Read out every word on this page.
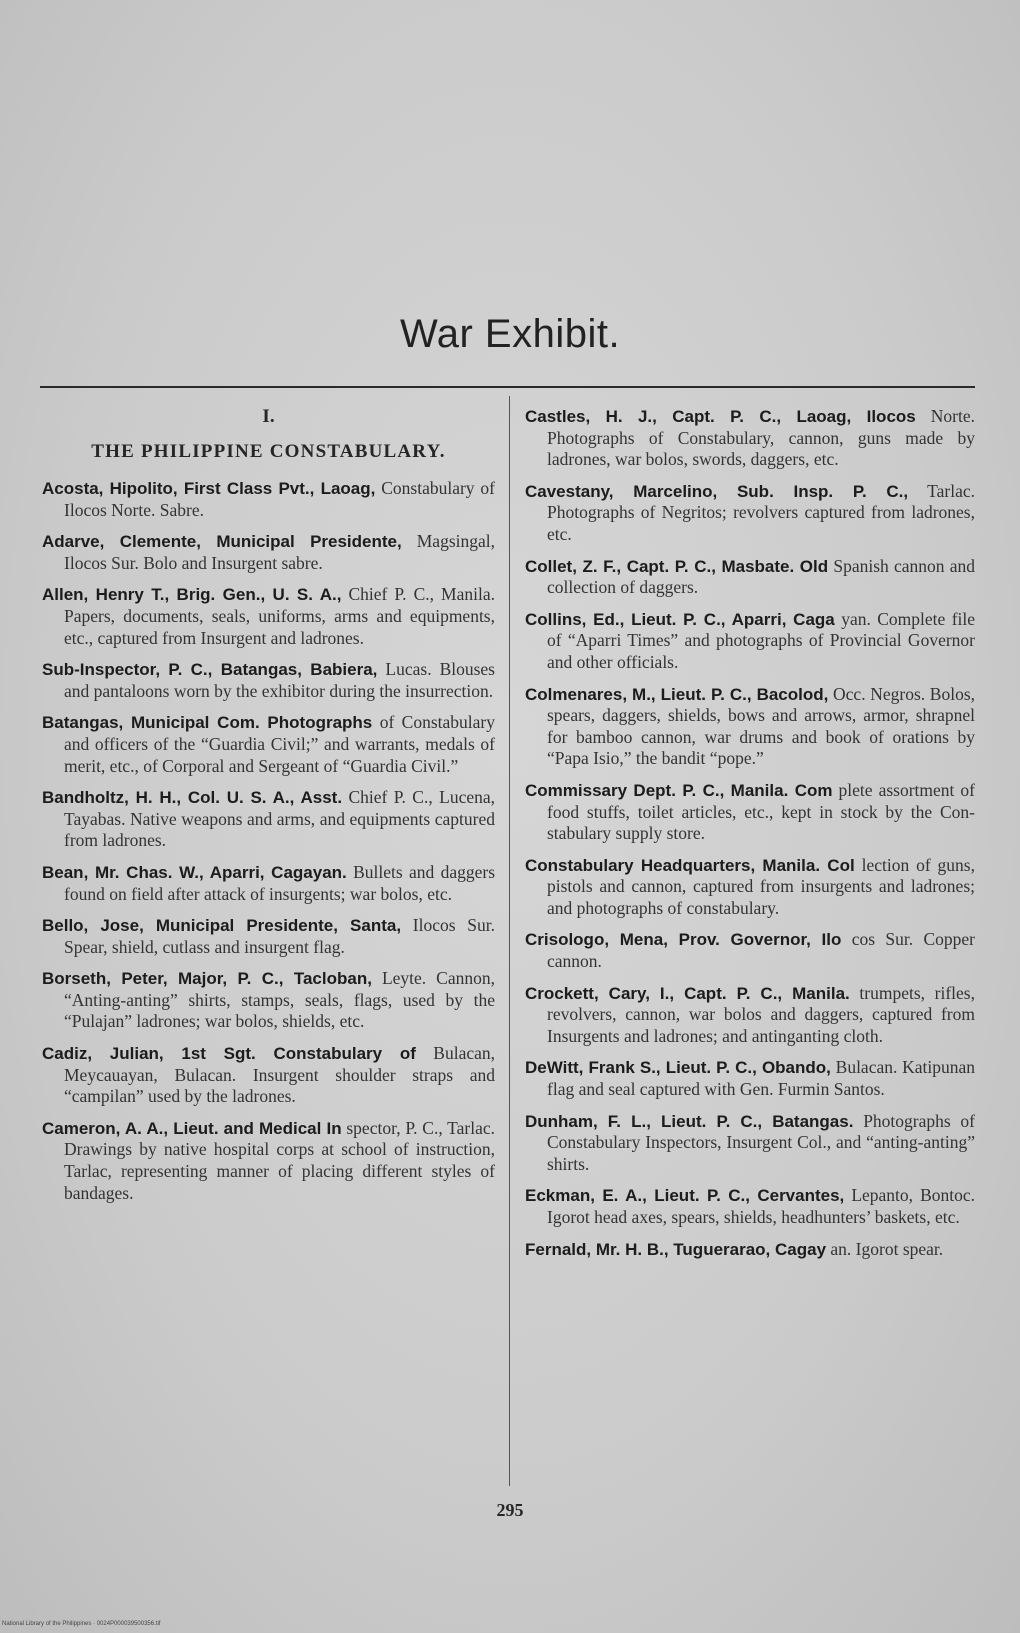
War Exhibit.
I.
THE PHILIPPINE CONSTABULARY.
Acosta, Hipolito, First Class Pvt., Laoag, Constabulary of Ilocos Norte. Sabre.
Adarve, Clemente, Municipal Presidente, Magsingal, Ilocos Sur. Bolo and Insurgent sabre.
Allen, Henry T., Brig. Gen., U. S. A., Chief P. C., Manila. Papers, documents, seals, uniforms, arms and equipments, etc., captured from Insurgent and ladrones.
Sub-Inspector, P. C., Batangas, Babiera, Lucas. Blouses and pantaloons worn by the exhibitor during the insurrection.
Batangas, Municipal Com. Photographs of Constabulary and officers of the “Guardia Civil;” and warrants, medals of merit, etc., of Corporal and Sergeant of “Guardia Civil.”
Bandholtz, H. H., Col. U. S. A., Asst. Chief P. C., Lucena, Tayabas. Native weapons and arms, and equipments captured from ladrones.
Bean, Mr. Chas. W., Aparri, Cagayan. Bullets and daggers found on field after attack of insurgents; war bolos, etc.
Bello, Jose, Municipal Presidente, Santa, Ilocos Sur. Spear, shield, cutlass and insurgent flag.
Borseth, Peter, Major, P. C., Tacloban, Leyte. Cannon, “Anting-anting” shirts, stamps, seals, flags, used by the “Pulajan” ladrones; war bolos, shields, etc.
Cadiz, Julian, 1st Sgt. Constabulary of Bulacan, Meycauayan, Bulacan. Insurgent shoulder straps and “campilan” used by the ladrones.
Cameron, A. A., Lieut. and Medical In spector, P. C., Tarlac. Drawings by native hospital corps at school of instruction, Tarlac, representing manner of placing different styles of bandages.
Castles, H. J., Capt. P. C., Laoag, Ilocos Norte. Photographs of Constabulary, cannon, guns made by ladrones, war bolos, swords, daggers, etc.
Cavestany, Marcelino, Sub. Insp. P. C., Tarlac. Photographs of Negritos; revolvers captured from ladrones, etc.
Collet, Z. F., Capt. P. C., Masbate. Old Spanish cannon and collection of daggers.
Collins, Ed., Lieut. P. C., Aparri, Caga yan. Complete file of “Aparri Times” and photographs of Provincial Governor and other officials.
Colmenares, M., Lieut. P. C., Bacolod, Occ. Negros. Bolos, spears, daggers, shields, bows and arrows, armor, shrapnel for bamboo cannon, war drums and book of orations by “Papa Isio,” the bandit “pope.”
Commissary Dept. P. C., Manila. Com plete assortment of food stuffs, toilet articles, etc., kept in stock by the Constabulary supply store.
Constabulary Headquarters, Manila. Col lection of guns, pistols and cannon, captured from insurgents and ladrones; and photographs of constabulary.
Crisologo, Mena, Prov. Governor, Ilo cos Sur. Copper cannon.
Crockett, Cary, I., Capt. P. C., Manila. trumpets, rifles, revolvers, cannon, war bolos and daggers, captured from Insurgents and ladrones; and antinganting cloth.
DeWitt, Frank S., Lieut. P. C., Obando, Bulacan. Katipunan flag and seal captured with Gen. Furmin Santos.
Dunham, F. L., Lieut. P. C., Batangas. Photographs of Constabulary Inspectors, Insurgent Col., and “anting-anting” shirts.
Eckman, E. A., Lieut. P. C., Cervantes, Lepanto, Bontoc. Igorot head axes, spears, shields, headhunters’ baskets, etc.
Fernald, Mr. H. B., Tuguerarao, Cagay an. Igorot spear.
295
National Library of the Philippines · 0024P000039500356.tif
